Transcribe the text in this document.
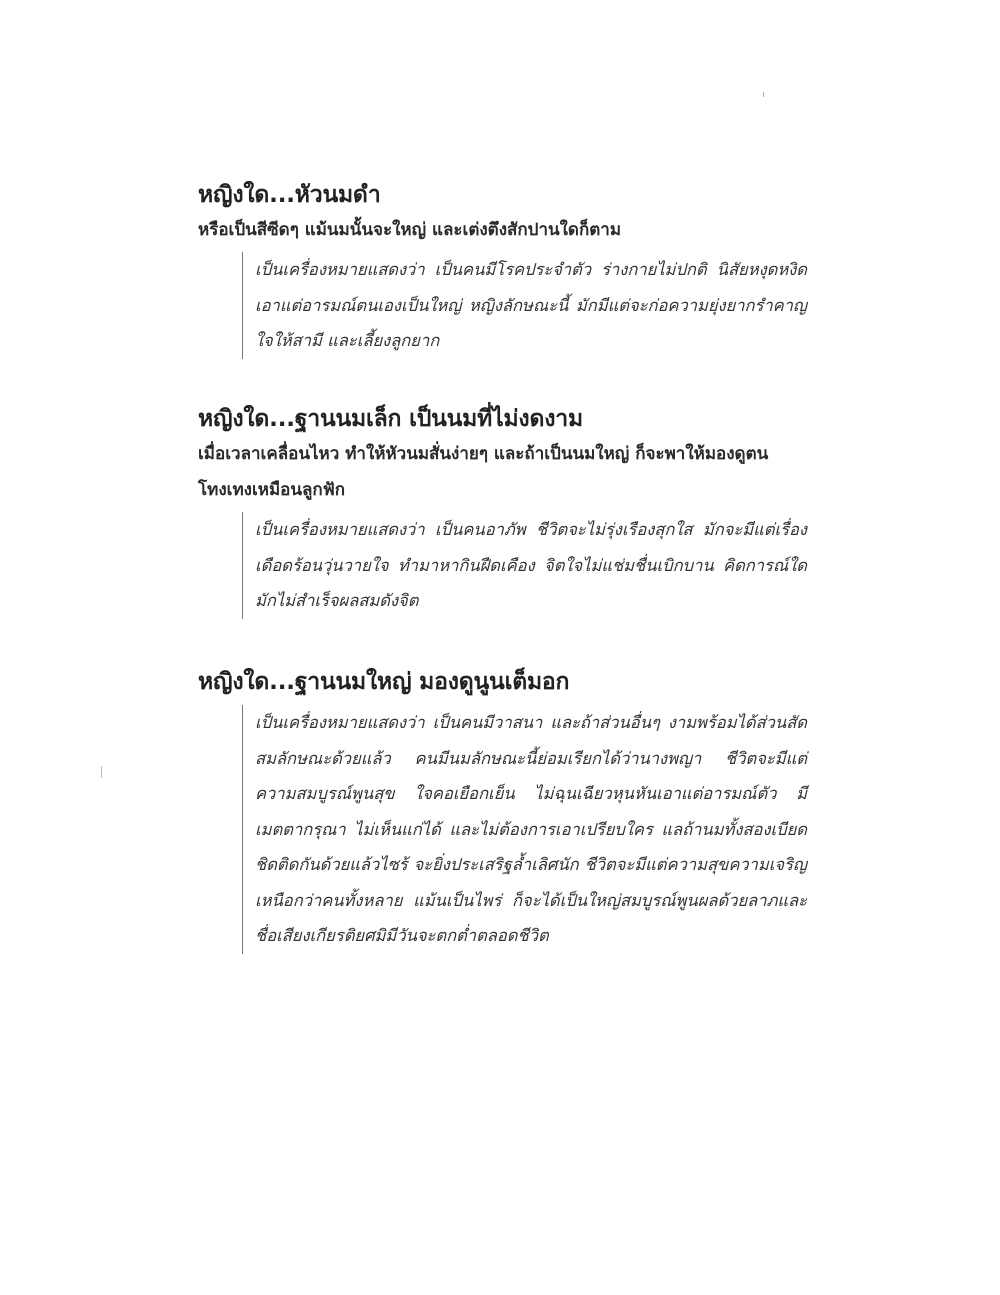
หญิงใด...หัวนมดำ
หรือเป็นสีซีดๆ แม้นมนั้นจะใหญ่ และเต่งตึงสักปานใดก็ตาม

เป็นเครื่องหมายแสดงว่า เป็นคนมีโรคประจำตัว ร่างกายไม่ปกติ นิสัยหงุดหงิด เอาแต่อารมณ์ตนเองเป็นใหญ่ หญิงลักษณะนี้ มักมีแต่จะก่อความยุ่งยากรำคาญใจให้สามี และเลี้ยงลูกยาก

หญิงใด...ฐานนมเล็ก เป็นนมที่ไม่งดงาม
เมื่อเวลาเคลื่อนไหว ทำให้หัวนมสั่นง่ายๆ และถ้าเป็นนมใหญ่ ก็จะพาให้มองดูตนโทงเทงเหมือนลูกฟัก

เป็นเครื่องหมายแสดงว่า เป็นคนอาภัพ ชีวิตจะไม่รุ่งเรืองสุกใส มักจะมีแต่เรื่องเดือดร้อนวุ่นวายใจ ทำมาหากินฝืดเคือง จิตใจไม่แช่มชื่นเบิกบาน คิดการณ์ใดมักไม่สำเร็จผลสมดังจิต

หญิงใด...ฐานนมใหญ่ มองดูนูนเต็มอก

เป็นเครื่องหมายแสดงว่า เป็นคนมีวาสนา และถ้าส่วนอื่นๆ งามพร้อมได้ส่วนสัดสมลักษณะด้วยแล้ว คนมีนมลักษณะนี้ย่อมเรียกได้ว่านางพญา ชีวิตจะมีแต่ความสมบูรณ์พูนสุข ใจคอเยือกเย็น ไม่ฉุนเฉียวหุนหันเอาแต่อารมณ์ตัว มีเมตตากรุณา ไม่เห็นแก่ได้ และไม่ต้องการเอาเปรียบใคร แลถ้านมทั้งสองเบียดชิดติดกันด้วยแล้วไซร้ จะยิ่งประเสริฐล้ำเลิศนัก ชีวิตจะมีแต่ความสุขความเจริญเหนือกว่าคนทั้งหลาย แม้นเป็นไพร่ ก็จะได้เป็นใหญ่สมบูรณ์พูนผลด้วยลาภและชื่อเสียงเกียรติยศมิมีวันจะตกต่ำตลอดชีวิต
